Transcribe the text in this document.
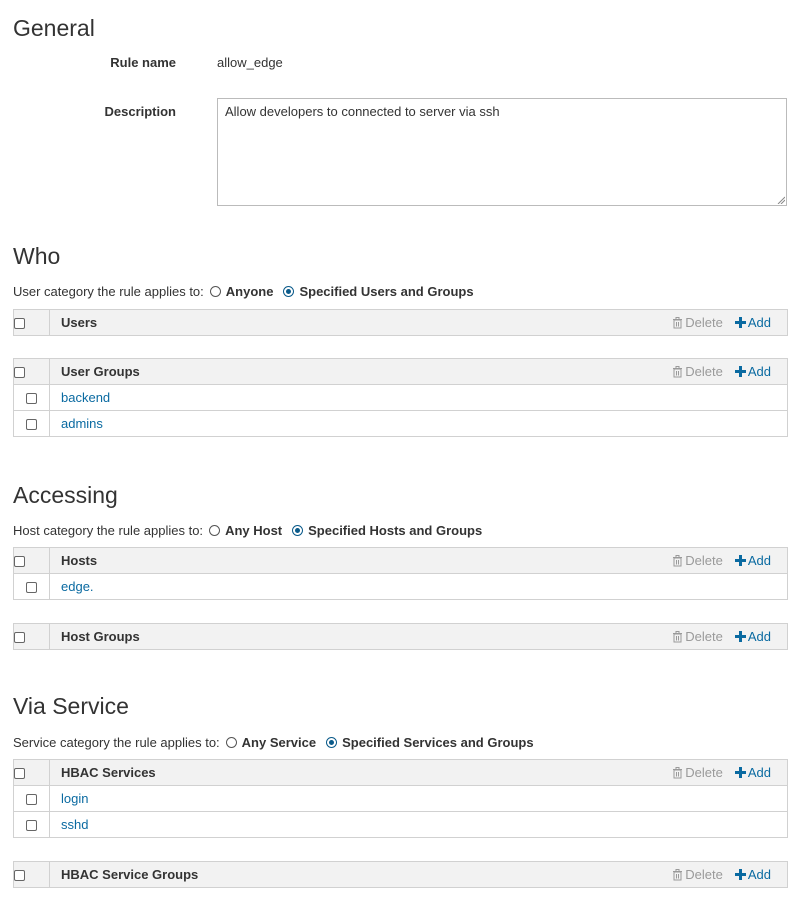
General
Rule name	allow_edge
Description	Allow developers to connected to server via ssh
Who
User category the rule applies to: Anyone Specified Users and Groups

Users	Delete Add

	User Groups Delete Add

	backend
	admins
Accessing
Host category the rule applies to: Any Host Specified Hosts and Groups

	Hosts Delete Add

	edge.

Host Groups	Delete Add
Via Service
Service category the rule applies to: Any Service Specified Services and Groups

	HBAC Services Delete Add

	login
	sshd

HBAC Service Groups	Delete Add
